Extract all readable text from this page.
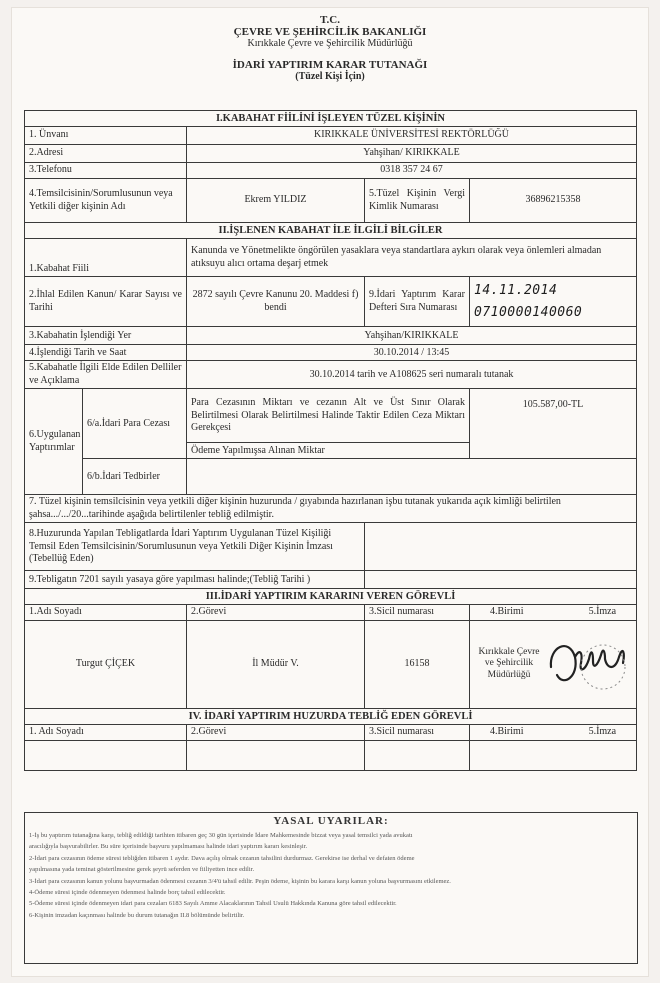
T.C.
ÇEVRE VE ŞEHİRCİLİK BAKANLIĞI
Kırıkkale Çevre ve Şehircilik Müdürlüğü
İDARİ YAPTIRIM KARAR TUTANAĞI
(Tüzel Kişi İçin)
I.KABAHAT FİİLİNİ İŞLEYEN TÜZEL KİŞİNİN				
1. Ünvanı		KIRIKKALE ÜNİVERSİTESİ REKTÖRLÜĞÜ		
2.Adresi		Yahşihan/ KIRIKKALE		
3.Telefonu		0318 357 24 67		
4.Temsilcisinin/Sorumlusunun veya Yetkili diğer kişinin Adı		Ekrem YILDIZ	5.Tüzel Kişinin Vergi Kimlik Numarası	36896215358
II.İŞLENEN KABAHAT İLE İLGİLİ BİLGİLER				
1.Kabahat Fiili		Kanunda ve Yönetmelikte öngörülen yasaklara veya standartlara aykırı olarak veya önlemleri almadan atıksuyu alıcı ortama deşarj etmek		
2.İhlal Edilen Kanun/ Karar Sayısı ve Tarihi		2872 sayılı Çevre Kanunu 20. Maddesi f) bendi	9.İdari Yaptırım Karar Defteri Sıra Numarası	14.11.2014
0710000140060

3.Kabahatin İşlendiği Yer		Yahşihan/KIRIKKALE		
4.İşlendiği Tarih ve Saat		30.10.2014 / 13:45		
5.Kabahatle İlgili Elde Edilen Delliler ve Açıklama		30.10.2014 tarih ve A108625 seri numaralı tutanak		
6.Uygulanan Yaptırımlar	6/a.İdari Para Cezası	Para Cezasının Miktarı ve cezanın Alt ve Üst Sınır Olarak Belirtilmesi Olarak Belirtilmesi Halinde Taktir Edilen Ceza Miktarı Gerekçesi		105.587,00-TL
		Ödeme Yapılmışsa Alınan Miktar		
	6/b.İdari Tedbirler			
7. Tüzel kişinin temsilcisinin veya yetkili diğer kişinin huzurunda / gıyabında hazırlanan işbu tutanak yukarıda açık kimliği belirtilen şahsa.../.../20...tarihinde aşağıda belirtilenler tebliğ edilmiştir.				
8.Huzurunda Yapılan Tebligatlarda İdari Yaptırım Uygulanan Tüzel Kişiliği Temsil Eden Temsilcisinin/Sorumlusunun veya Yetkili Diğer Kişinin İmzası (Tebellüğ Eden)				
9.Tebligatın 7201 sayılı yasaya göre yapılması halinde;(Tebliğ Tarihi )				
III.İDARİ YAPTIRIM KARARINI VEREN GÖREVLİ				
1.Adı Soyadı		2.Görevi	3.Sicil numarası	4.Birimi 5.İmza
Turgut ÇİÇEK		İl Müdür V.	16158	Kırıkkale Çevre ve Şehircilik Müdürlüğü

IV. İDARİ YAPTIRIM HUZURDA TEBLİĞ EDEN GÖREVLİ				
1. Adı Soyadı		2.Görevi	3.Sicil numarası	4.Birimi 5.İmza

YASAL UYARILAR:

1-İş bu yaptırım tutanağına karşı, tebliğ edildiği tarihten itibaren geç 30 gün içerisinde İdare Mahkemesinde bizzat veya yasal temsilci yada avukatı

aracılığıyla başvurabilirler. Bu süre içerisinde başvuru yapılmaması halinde idari yaptırım kararı kesinleşir.

2-İdari para cezasının ödeme süresi tebliğden itibaren 1 aydır. Dava açılış olmak cezanın tahsilini durdurmaz. Gerekirse ise derhal ve defaten ödeme

yapılmasına yada teminat gösterilmesine gerek şeyrü seferden ve fiiliyetten ince edilir.

3-İdari para cezasının kanun yolunu başvurmadan ödenmesi cezanın 3/4'ü tahsil edilir. Peşin ödeme, kişinin bu karara karşı kanun yoluna başvurmasını etkilemez.

4-Ödeme süresi içinde ödenmeyen ödenmesi halinde borç tahsil edilecektir.

5-Ödeme süresi içinde ödenmeyen idari para cezaları 6183 Sayılı Amme Alacaklarının Tahsil Usulü Hakkında Kanuna göre tahsil edilecektir.

6-Kişinin imzadan kaçınması halinde bu durum tutanağın II.8 bölümünde belirtilir.
